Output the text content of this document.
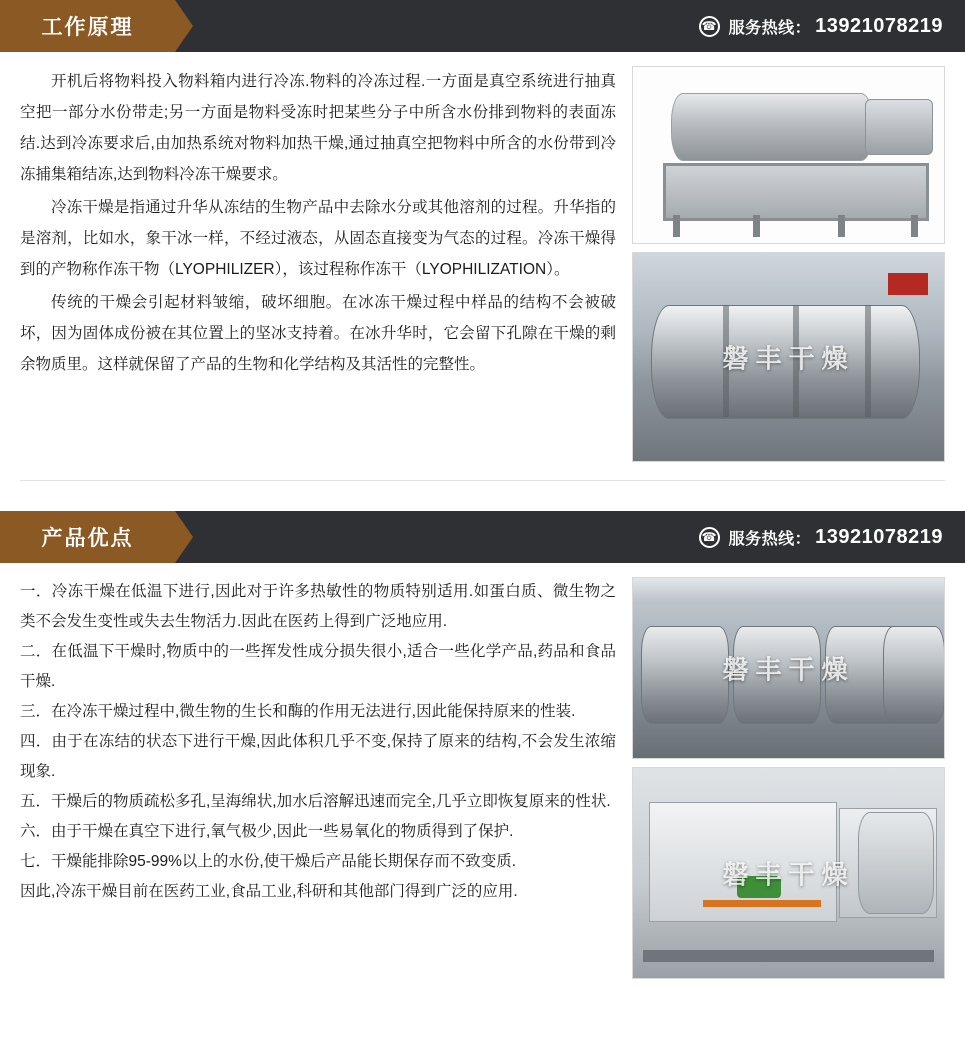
工作原理	☎ 服务热线： 13921078219

开机后将物料投入物料箱内进行冷冻.物料的冷冻过程.一方面是真空系统进行抽真空把一部分水份带走;另一方面是物料受冻时把某些分子中所含水份排到物料的表面冻结.达到冷冻要求后,由加热系统对物料加热干燥,通过抽真空把物料中所含的水份带到冷冻捕集箱结冻,达到物料冷冻干燥要求。

冷冻干燥是指通过升华从冻结的生物产品中去除水分或其他溶剂的过程。升华指的是溶剂，比如水，象干冰一样，不经过液态，从固态直接变为气态的过程。冷冻干燥得到的产物称作冻干物（LYOPHILIZER），该过程称作冻干（LYOPHILIZATION）。

传统的干燥会引起材料皱缩，破坏细胞。在冰冻干燥过程中样品的结构不会被破坏，因为固体成份被在其位置上的坚冰支持着。在冰升华时，它会留下孔隙在干燥的剩余物质里。这样就保留了产品的生物和化学结构及其活性的完整性。	磐丰干燥
产品优点	☎ 服务热线： 13921078219

一．冷冻干燥在低温下进行,因此对于许多热敏性的物质特别适用.如蛋白质、微生物之类不会发生变性或失去生物活力.因此在医药上得到广泛地应用.

二．在低温下干燥时,物质中的一些挥发性成分损失很小,适合一些化学产品,药品和食品干燥.

三．在冷冻干燥过程中,微生物的生长和酶的作用无法进行,因此能保持原来的性装.

四．由于在冻结的状态下进行干燥,因此体积几乎不变,保持了原来的结构,不会发生浓缩现象.

五．干燥后的物质疏松多孔,呈海绵状,加水后溶解迅速而完全,几乎立即恢复原来的性状.

六．由于干燥在真空下进行,氧气极少,因此一些易氧化的物质得到了保护.

七．干燥能排除95-99%以上的水份,使干燥后产品能长期保存而不致变质.

因此,冷冻干燥目前在医药工业,食品工业,科研和其他部门得到广泛的应用.

磐丰干燥
磐丰干燥
